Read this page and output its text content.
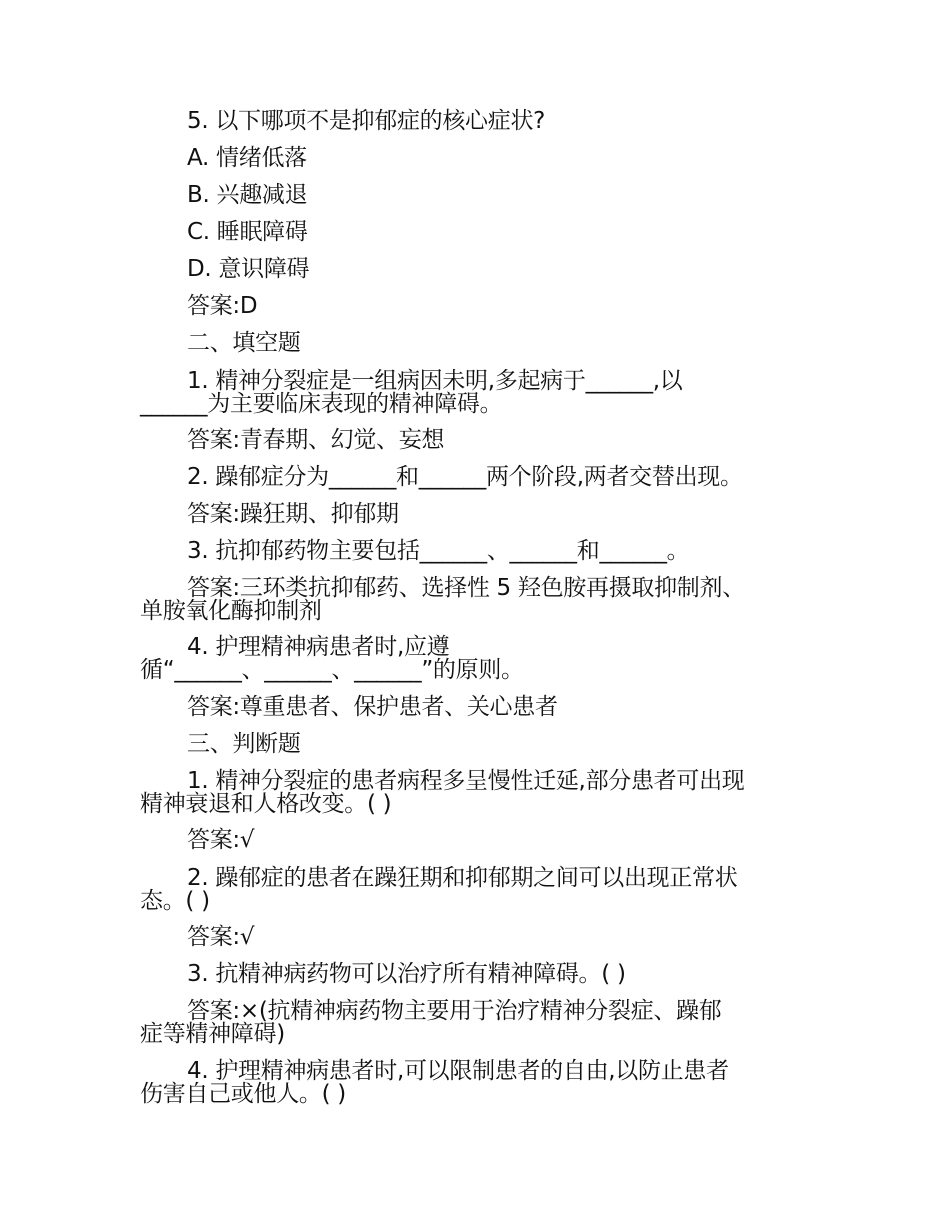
5. 以下哪项不是抑郁症的核心症状?
A. 情绪低落
B. 兴趣减退
C. 睡眠障碍
D. 意识障碍
答案:D
二、填空题
1. 精神分裂症是一组病因未明,多起病于______,以
______为主要临床表现的精神障碍。
答案:青春期、幻觉、妄想
2. 躁郁症分为______和______两个阶段,两者交替出现。
答案:躁狂期、抑郁期
3. 抗抑郁药物主要包括______、______和______。
答案:三环类抗抑郁药、选择性 5 羟色胺再摄取抑制剂、
单胺氧化酶抑制剂
4. 护理精神病患者时,应遵
循“______、______、______”的原则。
答案:尊重患者、保护患者、关心患者
三、判断题
1. 精神分裂症的患者病程多呈慢性迁延,部分患者可出现
精神衰退和人格改变。( )
答案:√
2. 躁郁症的患者在躁狂期和抑郁期之间可以出现正常状
态。( )
答案:√
3. 抗精神病药物可以治疗所有精神障碍。( )
答案:×(抗精神病药物主要用于治疗精神分裂症、躁郁
症等精神障碍)
4. 护理精神病患者时,可以限制患者的自由,以防止患者
伤害自己或他人。( )
